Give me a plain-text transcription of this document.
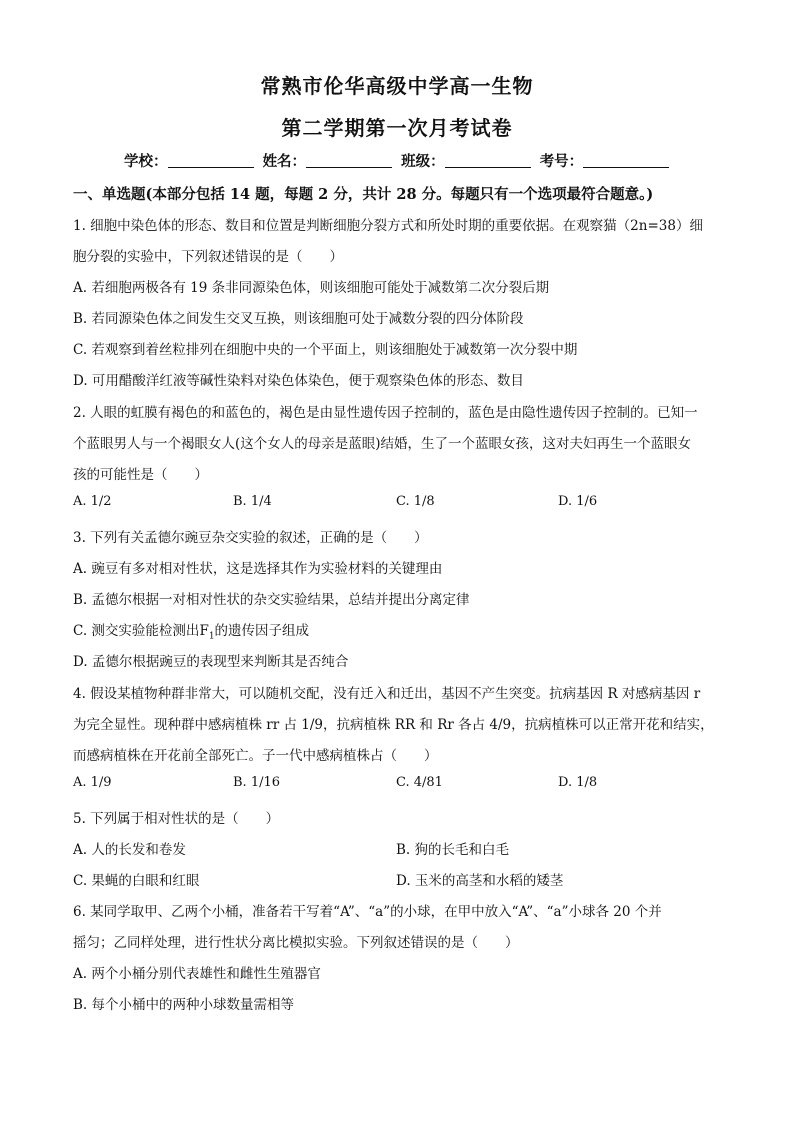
常熟市伦华高级中学高一生物
第二学期第一次月考试卷
学校：	姓名：	班级：	考号：
一、单选题(本部分包括 14 题，每题 2 分，共计 28 分。每题只有一个选项最符合题意。)
1. 细胞中染色体的形态、数目和位置是判断细胞分裂方式和所处时期的重要依据。在观察猫（2n=38）细
胞分裂的实验中，下列叙述错误的是（　　）
A. 若细胞两极各有 19 条非同源染色体，则该细胞可能处于减数第二次分裂后期
B. 若同源染色体之间发生交叉互换，则该细胞可处于减数分裂的四分体阶段
C. 若观察到着丝粒排列在细胞中央的一个平面上，则该细胞处于减数第一次分裂中期
D. 可用醋酸洋红液等碱性染料对染色体染色，便于观察染色体的形态、数目
2. 人眼的虹膜有褐色的和蓝色的，褐色是由显性遗传因子控制的，蓝色是由隐性遗传因子控制的。已知一
个蓝眼男人与一个褐眼女人(这个女人的母亲是蓝眼)结婚，生了一个蓝眼女孩，这对夫妇再生一个蓝眼女
孩的可能性是（　　）
A. 1/2	B. 1/4	C. 1/8	D. 1/6
3. 下列有关孟德尔豌豆杂交实验的叙述，正确的是（　　）
A. 豌豆有多对相对性状，这是选择其作为实验材料的关键理由
B. 孟德尔根据一对相对性状的杂交实验结果，总结并提出分离定律
C. 测交实验能检测出$F_1$的遗传因子组成
D. 孟德尔根据豌豆的表现型来判断其是否纯合
4. 假设某植物种群非常大，可以随机交配，没有迁入和迁出，基因不产生突变。抗病基因 R 对感病基因 r
为完全显性。现种群中感病植株 rr 占 1/9，抗病植株 RR 和 Rr 各占 4/9，抗病植株可以正常开花和结实，
而感病植株在开花前全部死亡。子一代中感病植株占（　　）
A. 1/9	B. 1/16	C. 4/81	D. 1/8
5. 下列属于相对性状的是（　　）
A. 人的长发和卷发	B. 狗的长毛和白毛
C. 果蝇的白眼和红眼	D. 玉米的高茎和水稻的矮茎
6. 某同学取甲、乙两个小桶，准备若干写着“A”、“a”的小球，在甲中放入“A”、“a”小球各 20 个并
摇匀；乙同样处理，进行性状分离比模拟实验。下列叙述错误的是（　　）
A. 两个小桶分别代表雄性和雌性生殖器官
B. 每个小桶中的两种小球数量需相等
